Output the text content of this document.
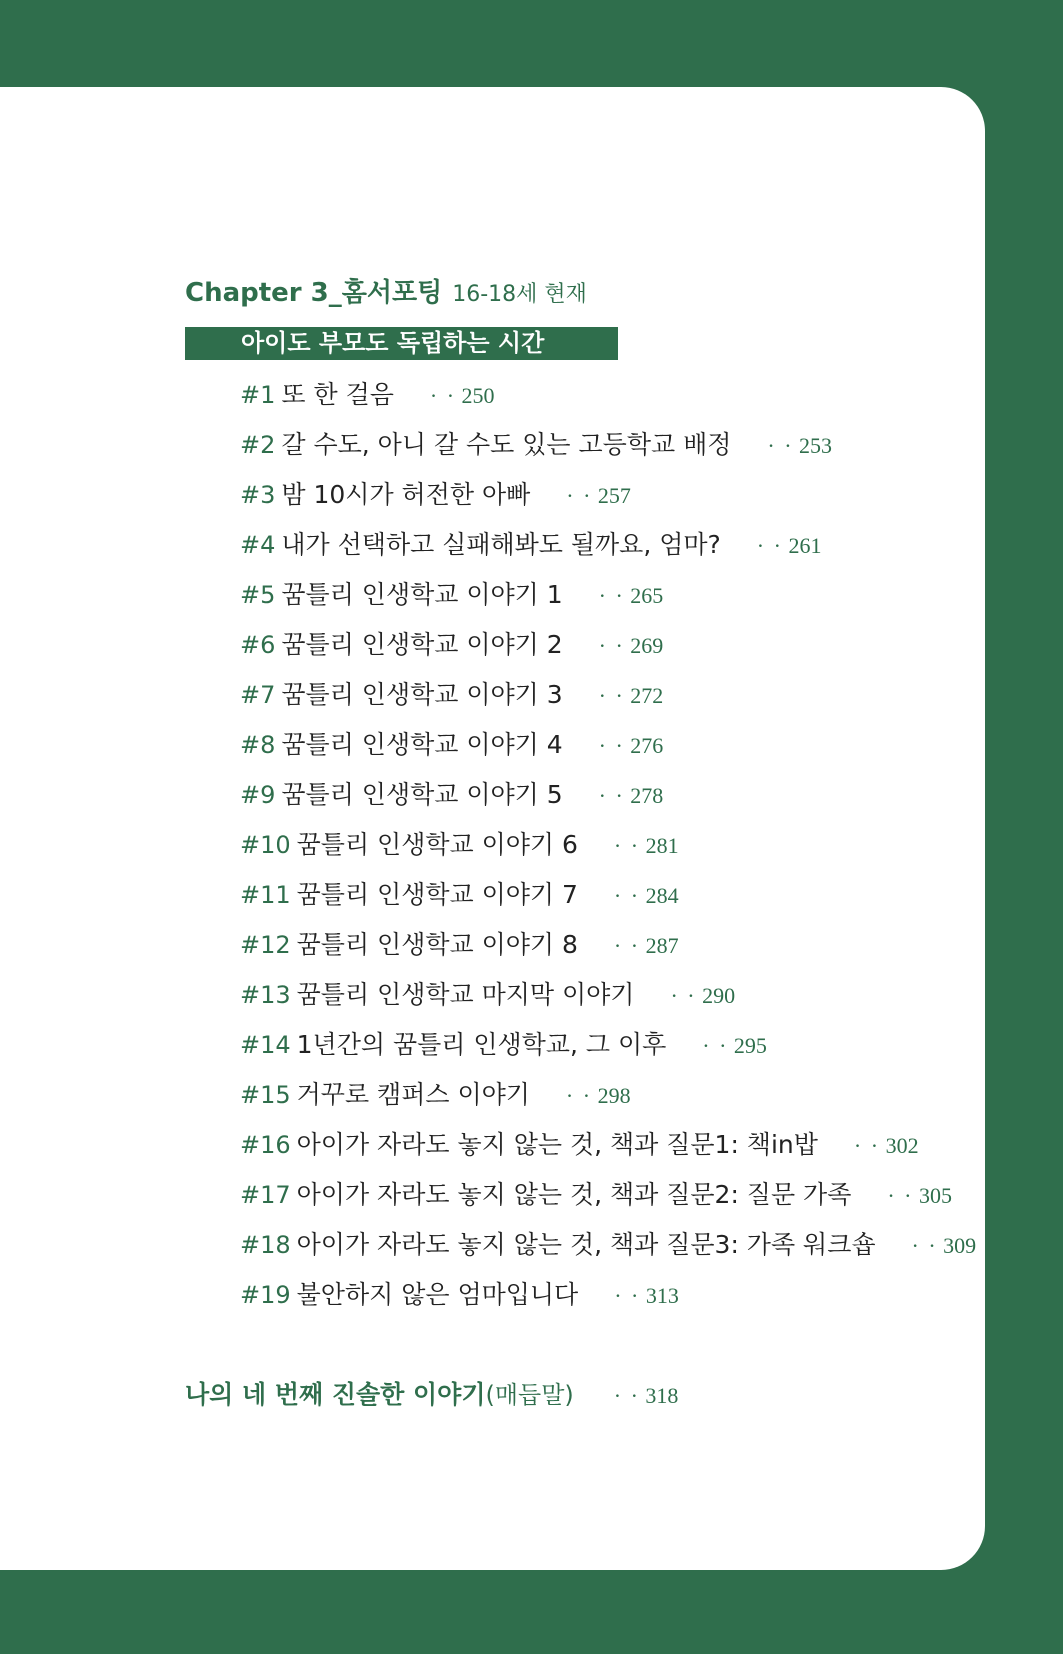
Chapter 3_홈서포팅 16-18세 현재
아이도 부모도 독립하는 시간
#1 또 한 걸음 · · 250
#2 갈 수도, 아니 갈 수도 있는 고등학교 배정 · · 253
#3 밤 10시가 허전한 아빠 · · 257
#4 내가 선택하고 실패해봐도 될까요, 엄마? · · 261
#5 꿈틀리 인생학교 이야기 1 · · 265
#6 꿈틀리 인생학교 이야기 2 · · 269
#7 꿈틀리 인생학교 이야기 3 · · 272
#8 꿈틀리 인생학교 이야기 4 · · 276
#9 꿈틀리 인생학교 이야기 5 · · 278
#10 꿈틀리 인생학교 이야기 6 · · 281
#11 꿈틀리 인생학교 이야기 7 · · 284
#12 꿈틀리 인생학교 이야기 8 · · 287
#13 꿈틀리 인생학교 마지막 이야기 · · 290
#14 1년간의 꿈틀리 인생학교, 그 이후 · · 295
#15 거꾸로 캠퍼스 이야기 · · 298
#16 아이가 자라도 놓지 않는 것, 책과 질문1: 책in밥 · · 302
#17 아이가 자라도 놓지 않는 것, 책과 질문2: 질문 가족 · · 305
#18 아이가 자라도 놓지 않는 것, 책과 질문3: 가족 워크숍 · · 309
#19 불안하지 않은 엄마입니다 · · 313
나의 네 번째 진솔한 이야기(매듭말) · · 318
